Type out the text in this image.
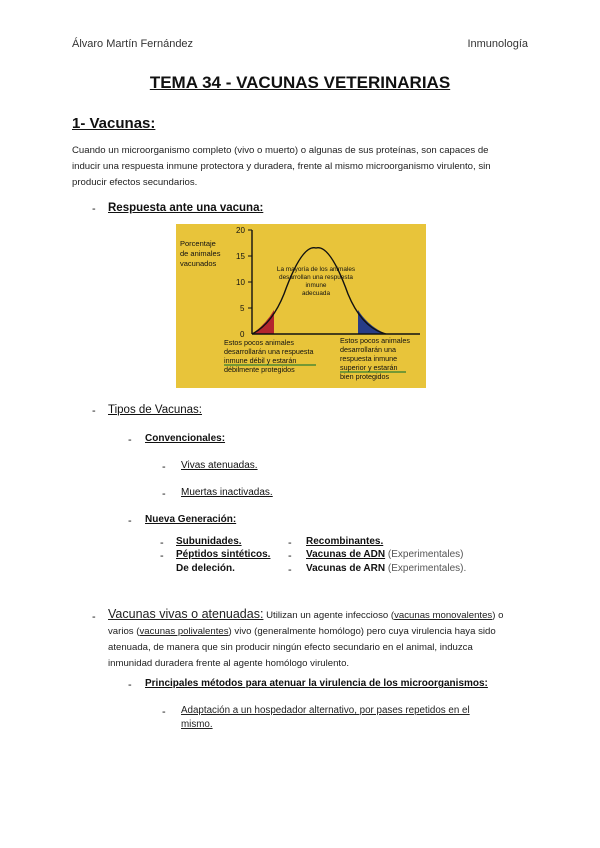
Álvaro Martín Fernández	Inmunología
TEMA 34 - VACUNAS VETERINARIAS
1- Vacunas:
Cuando un microorganismo completo (vivo o muerto) o algunas de sus proteínas, son capaces de
inducir una respuesta inmune protectora y duradera, frente al mismo microorganismo virulento, sin
producir efectos secundarios.
- Respuesta ante una vacuna:
20
15
10
5
0
Porcentaje
de animales
vacunados
La mayoría de los animales
desarrollan una respuesta
inmune
adecuada
Estos pocos animales
desarrollarán una respuesta
inmune débil y estarán
débilmente protegidos
Estos pocos animales
desarrollarán una
respuesta inmune
superior y estarán
bien protegidos
- Tipos de Vacunas:
- Convencionales:
- Vivas atenuadas.
- Muertas inactivadas.
- Nueva Generación:
- Subunidades.
- Péptidos sintéticos.
De deleción.
- Recombinantes.
- Vacunas de ADN (Experimentales)
- Vacunas de ARN (Experimentales).
- Vacunas vivas o atenuadas: Utilizan un agente infeccioso (vacunas monovalentes) o
varios (vacunas polivalentes) vivo (generalmente homólogo) pero cuya virulencia haya sido
atenuada, de manera que sin producir ningún efecto secundario en el animal, induzca
inmunidad duradera frente al agente homólogo virulento.
- Principales métodos para atenuar la virulencia de los microorganismos:
- Adaptación a un hospedador alternativo, por pases repetidos en el
mismo.
